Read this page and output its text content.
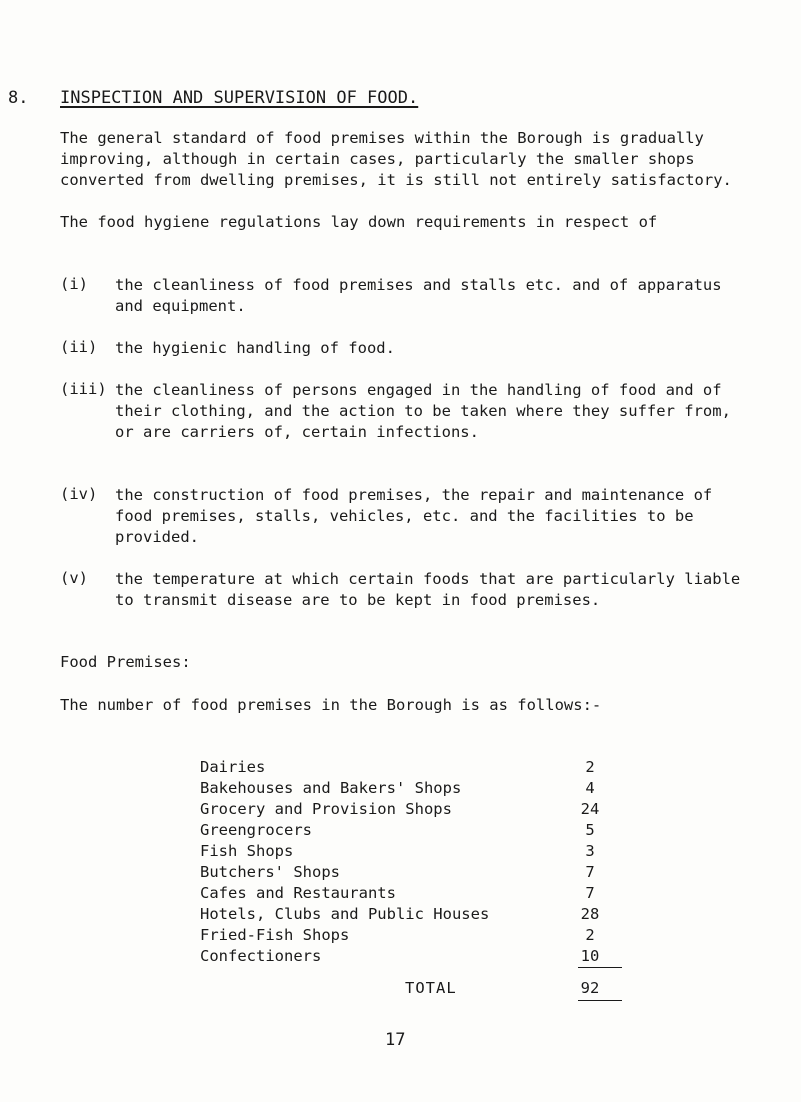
8. INSPECTION AND SUPERVISION OF FOOD.
The general standard of food premises within the Borough is gradually improving, although in certain cases, particularly the smaller shops converted from dwelling premises, it is still not entirely satisfactory.
The food hygiene regulations lay down requirements in respect of
(i) the cleanliness of food premises and stalls etc. and of apparatus and equipment.
(ii) the hygienic handling of food.
(iii) the cleanliness of persons engaged in the handling of food and of their clothing, and the action to be taken where they suffer from, or are carriers of, certain infections.
(iv) the construction of food premises, the repair and maintenance of food premises, stalls, vehicles, etc. and the facilities to be provided.
(v) the temperature at which certain foods that are particularly liable to transmit disease are to be kept in food premises.
Food Premises:
The number of food premises in the Borough is as follows:-
Dairies	2
Bakehouses and Bakers' Shops	4
Grocery and Provision Shops	24
Greengrocers	5
Fish Shops	3
Butchers' Shops	7
Cafes and Restaurants	7
Hotels, Clubs and Public Houses	28
Fried-Fish Shops	2
Confectioners	10
TOTAL	92
17
